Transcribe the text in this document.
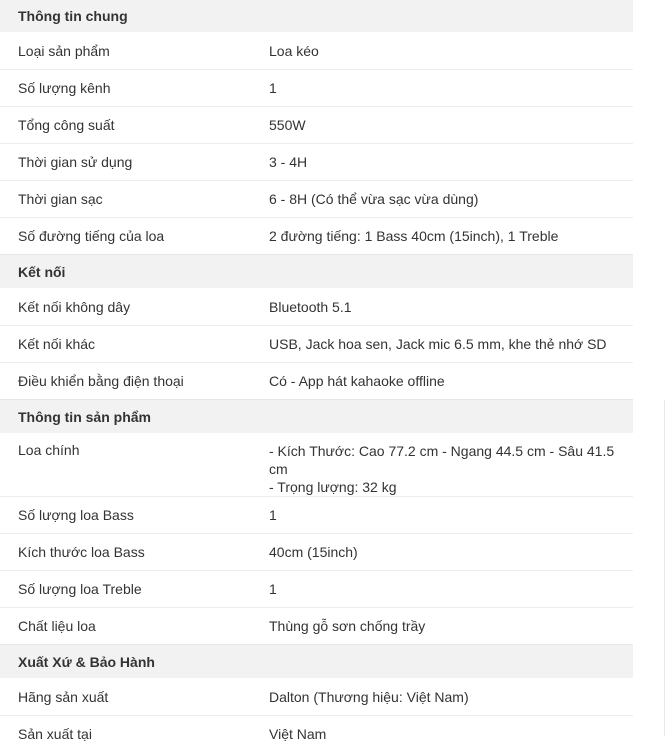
Thông tin chung
Loại sản phẩm	Loa kéo
Số lượng kênh	1
Tổng công suất	550W
Thời gian sử dụng	3 - 4H
Thời gian sạc	6 - 8H (Có thể vừa sạc vừa dùng)
Số đường tiếng của loa	2 đường tiếng: 1 Bass 40cm (15inch), 1 Treble
Kết nối
Kết nối không dây	Bluetooth 5.1
Kết nối khác	USB, Jack hoa sen, Jack mic 6.5 mm, khe thẻ nhớ SD
Điều khiển bằng điện thoại	Có - App hát kahaoke offline
Thông tin sản phẩm
Loa chính	- Kích Thước: Cao 77.2 cm - Ngang 44.5 cm - Sâu 41.5 cm
- Trọng lượng: 32 kg
Số lượng loa Bass	1
Kích thước loa Bass	40cm (15inch)
Số lượng loa Treble	1
Chất liệu loa	Thùng gỗ sơn chống trầy
Xuất Xứ & Bảo Hành
Hãng sản xuất	Dalton (Thương hiệu: Việt Nam)
Sản xuất tại	Việt Nam
